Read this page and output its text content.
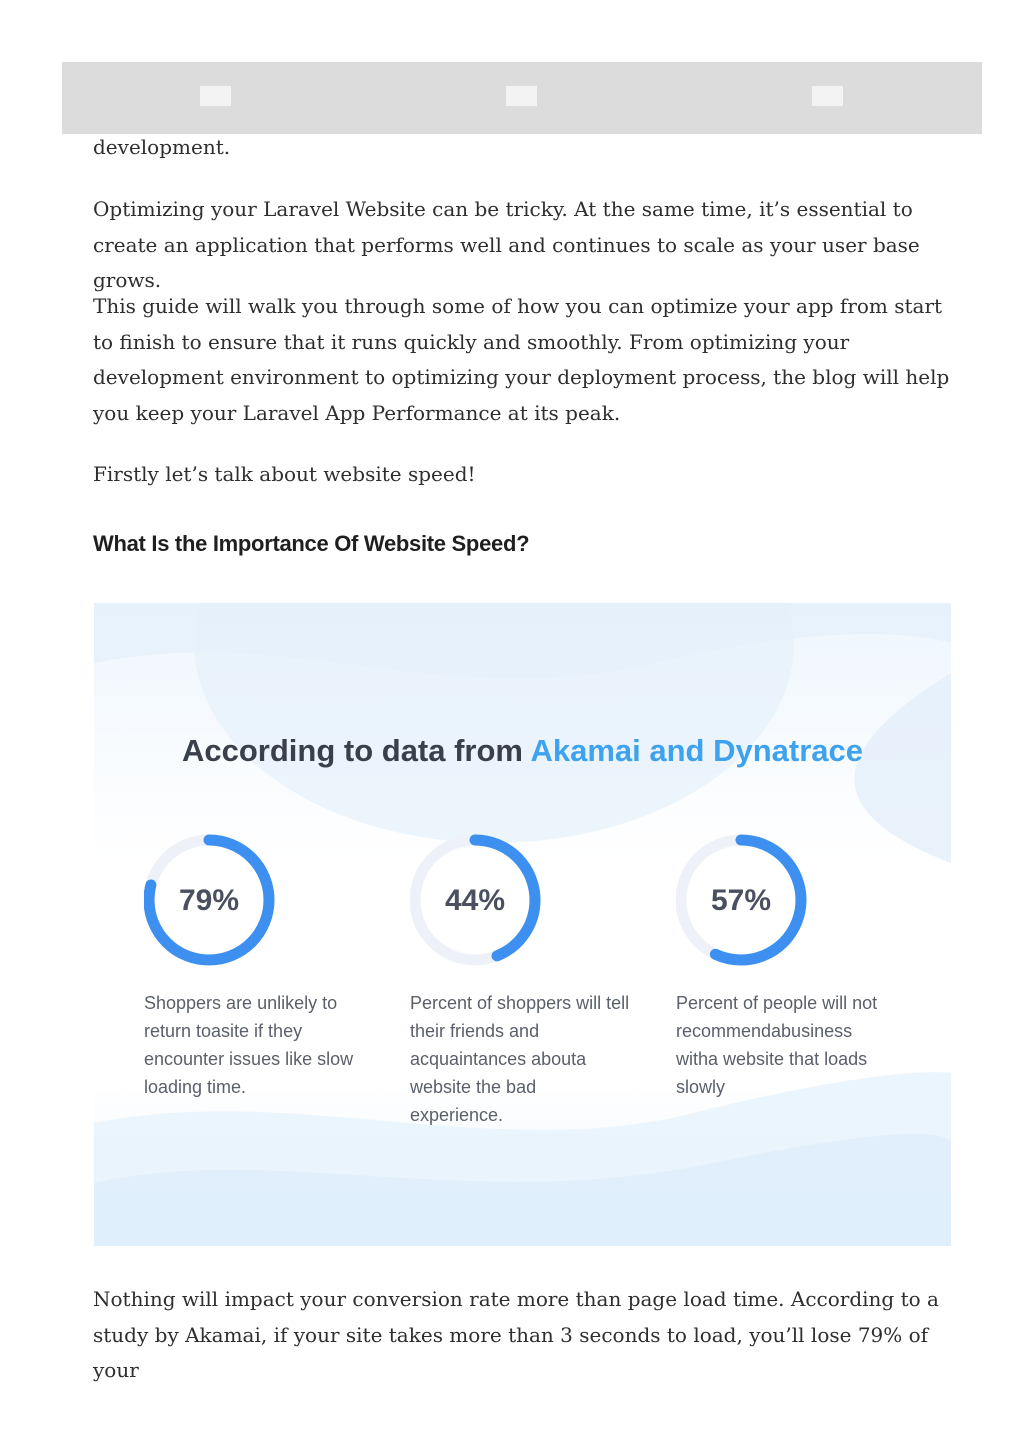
development.

Optimizing your Laravel Website can be tricky. At the same time, it’s essential to create an application that performs well and continues to scale as your user base grows.

This guide will walk you through some of how you can optimize your app from start to finish to ensure that it runs quickly and smoothly. From optimizing your development environment to optimizing your deployment process, the blog will help you keep your Laravel App Performance at its peak.

Firstly let’s talk about website speed!

What Is the Importance Of Website Speed?
According to data from Akamai and Dynatrace
79%

Shoppers are unlikely to return toasite if they encounter issues like slow loading time.

44%

Percent of shoppers will tell their friends and acquaintances abouta website the bad experience.

57%

Percent of people will not recommendabusiness witha website that loads slowly

Nothing will impact your conversion rate more than page load time. According to a study by Akamai, if your site takes more than 3 seconds to load, you’ll lose 79% of your
